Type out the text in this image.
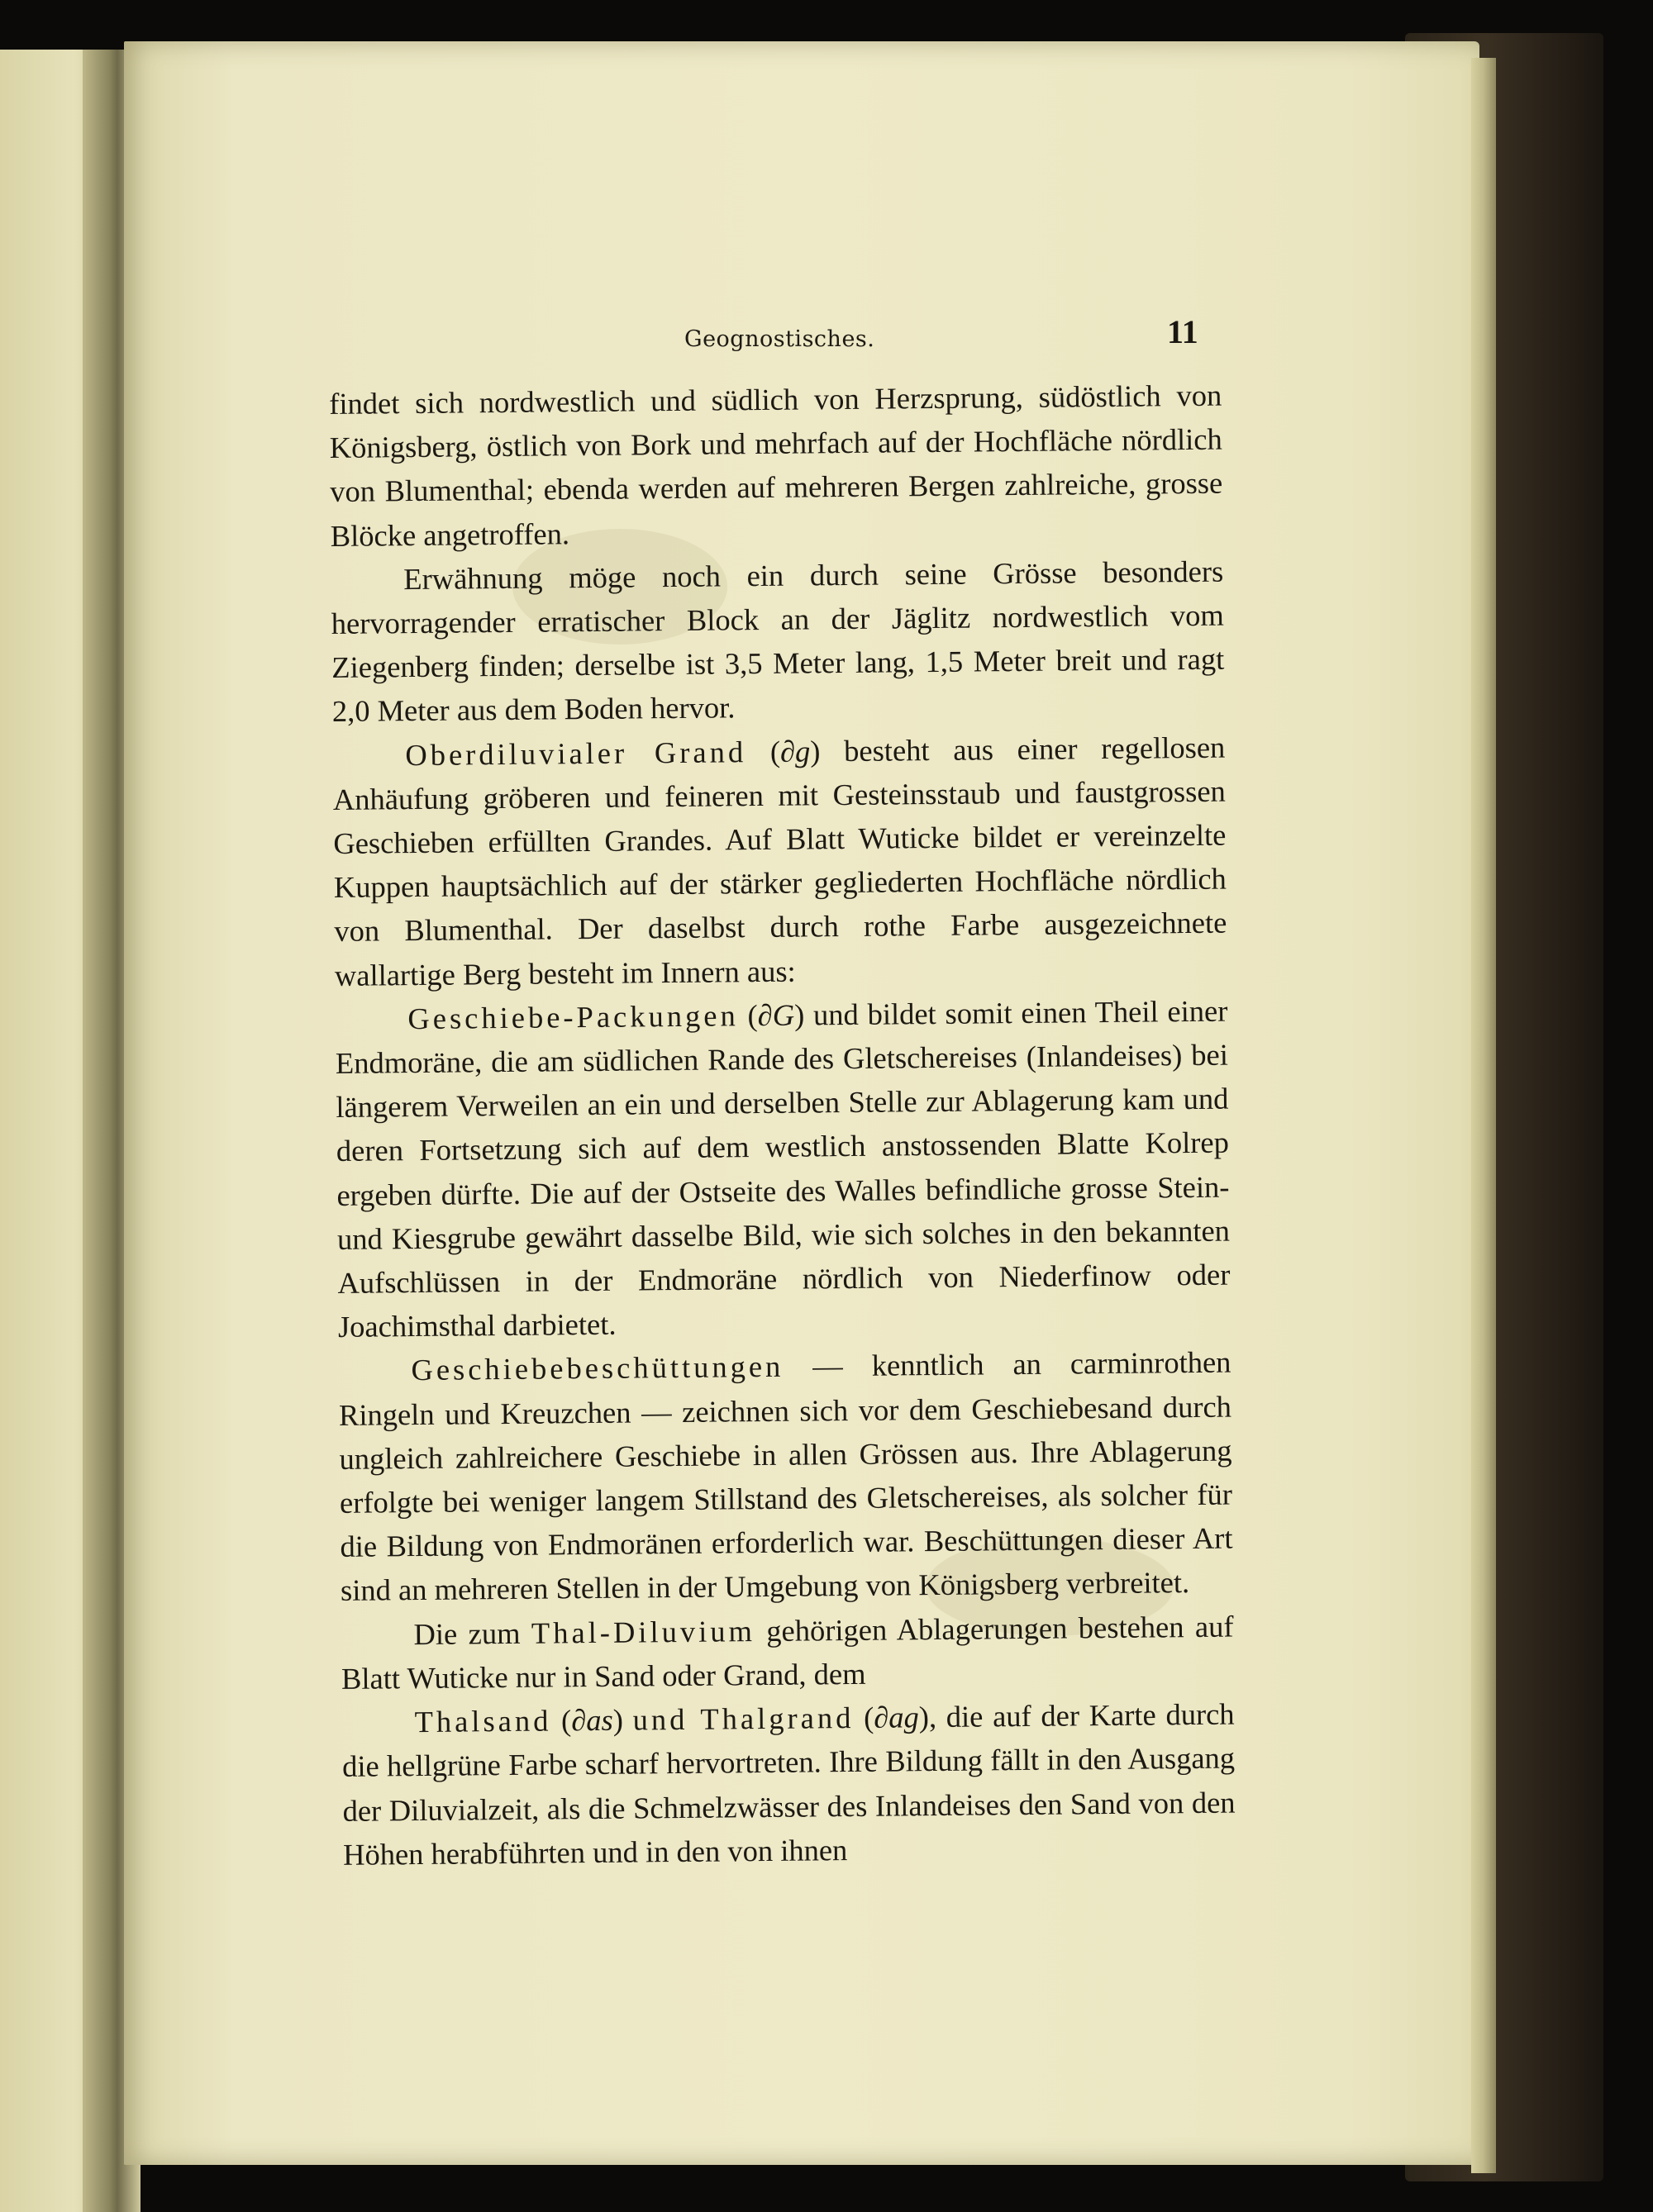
Geognostisches.	11

findet sich nordwestlich und südlich von Herzsprung, südöstlich von Königsberg, östlich von Bork und mehrfach auf der Hochfläche nördlich von Blumenthal; ebenda werden auf mehreren Bergen zahlreiche, grosse Blöcke angetroffen.

Erwähnung möge noch ein durch seine Grösse besonders hervorragender erratischer Block an der Jäglitz nordwestlich vom Ziegenberg finden; derselbe ist 3,5 Meter lang, 1,5 Meter breit und ragt 2,0 Meter aus dem Boden hervor.

Oberdiluvialer Grand (∂g) besteht aus einer regellosen Anhäufung gröberen und feineren mit Gesteinsstaub und faustgrossen Geschieben erfüllten Grandes. Auf Blatt Wuticke bildet er vereinzelte Kuppen hauptsächlich auf der stärker gegliederten Hochfläche nördlich von Blumenthal. Der daselbst durch rothe Farbe ausgezeichnete wallartige Berg besteht im Innern aus:

Geschiebe-Packungen (∂G) und bildet somit einen Theil einer Endmoräne, die am südlichen Rande des Gletschereises (Inlandeises) bei längerem Verweilen an ein und derselben Stelle zur Ablagerung kam und deren Fortsetzung sich auf dem westlich anstossenden Blatte Kolrep ergeben dürfte. Die auf der Ostseite des Walles befindliche grosse Stein- und Kiesgrube gewährt dasselbe Bild, wie sich solches in den bekannten Aufschlüssen in der Endmoräne nördlich von Niederfinow oder Joachimsthal darbietet.

Geschiebebeschüttungen — kenntlich an carminrothen Ringeln und Kreuzchen — zeichnen sich vor dem Geschiebesand durch ungleich zahlreichere Geschiebe in allen Grössen aus. Ihre Ablagerung erfolgte bei weniger langem Stillstand des Gletschereises, als solcher für die Bildung von Endmoränen erforderlich war. Beschüttungen dieser Art sind an mehreren Stellen in der Umgebung von Königsberg verbreitet.

Die zum Thal-Diluvium gehörigen Ablagerungen bestehen auf Blatt Wuticke nur in Sand oder Grand, dem

Thalsand (∂as) und Thalgrand (∂ag), die auf der Karte durch die hellgrüne Farbe scharf hervortreten. Ihre Bildung fällt in den Ausgang der Diluvialzeit, als die Schmelzwässer des Inlandeises den Sand von den Höhen herabführten und in den von ihnen
